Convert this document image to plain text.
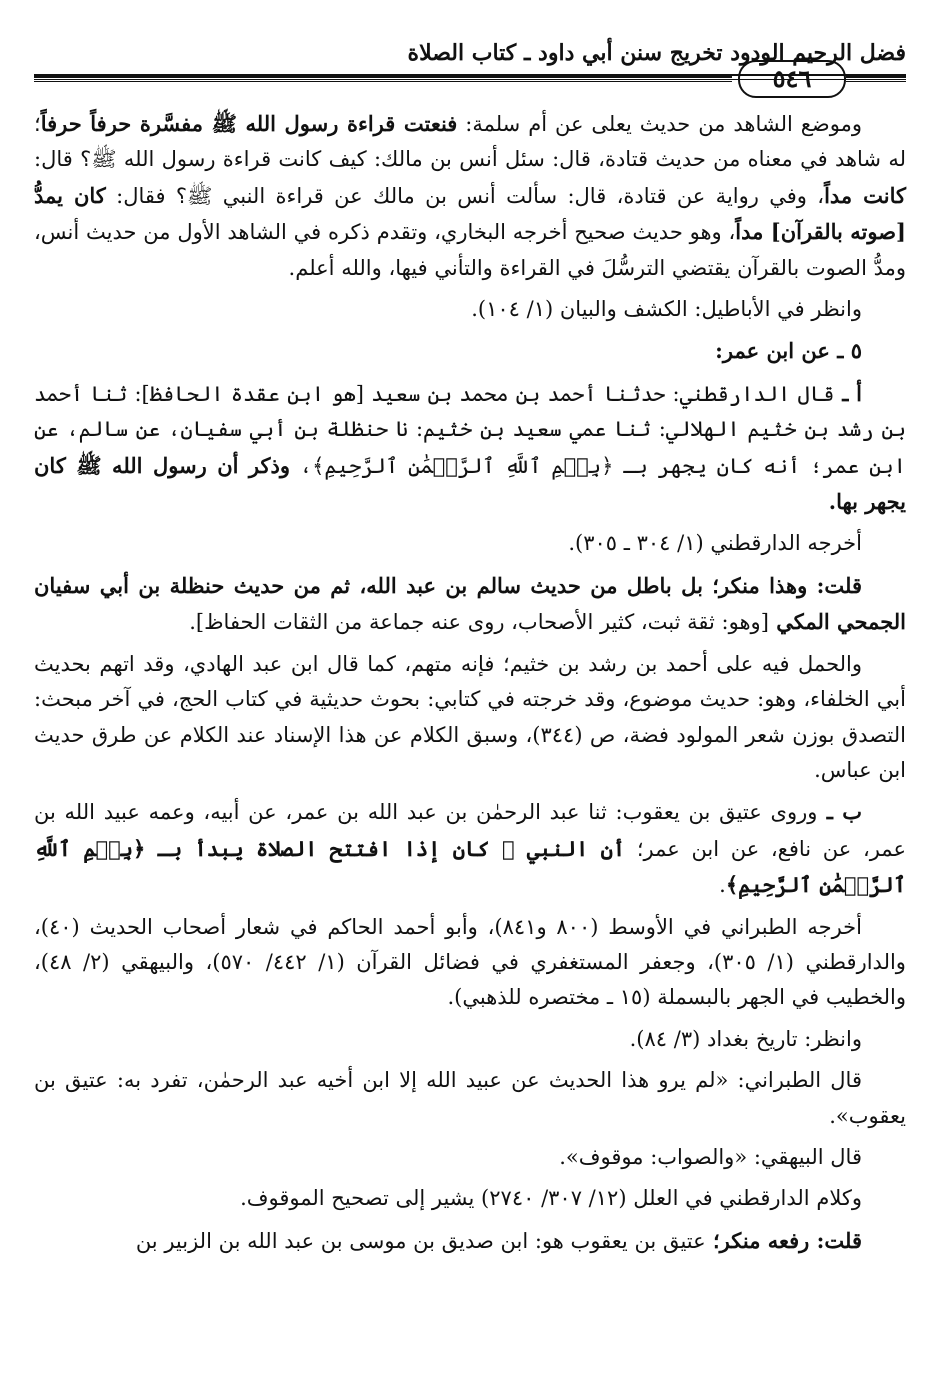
فضل الرحيم الودود تخريج سنن أبي داود ـ كتاب الصلاة
٥٤٦

وموضع الشاهد من حديث يعلى عن أم سلمة: فنعتت قراءة رسول الله ﷺ مفسَّرة حرفاً حرفاً؛ له شاهد في معناه من حديث قتادة، قال: سئل أنس بن مالك: كيف كانت قراءة رسول الله ﷺ؟ قال: كانت مداً، وفي رواية عن قتادة، قال: سألت أنس بن مالك عن قراءة النبي ﷺ؟ فقال: كان يمدُّ [صوته بالقرآن] مداً، وهو حديث صحيح أخرجه البخاري، وتقدم ذكره في الشاهد الأول من حديث أنس، ومدُّ الصوت بالقرآن يقتضي الترسُّلَ في القراءة والتأني فيها، والله أعلم.

وانظر في الأباطيل: الكشف والبيان (١/ ١٠٤).

٥ ـ عن ابن عمر:

أ ـ قال الدارقطني: حدثنا أحمد بن محمد بن سعيد [هو ابن عقدة الحافظ]: ثنا أحمد بن رشد بن خثيم الهلالي: ثنا عمي سعيد بن خثيم: نا حنظلة بن أبي سفيان، عن سالم، عن ابن عمر؛ أنه كان يجهر بـ ﴿بِسۡمِ ٱللَّهِ ٱلرَّحۡمَٰنِ ٱلرَّحِيمِ﴾، وذكر أن رسول الله ﷺ كان يجهر بها.

أخرجه الدارقطني (١/ ٣٠٤ ـ ٣٠٥).

قلت: وهذا منكر؛ بل باطل من حديث سالم بن عبد الله، ثم من حديث حنظلة بن أبي سفيان الجمحي المكي [وهو: ثقة ثبت، كثير الأصحاب، روى عنه جماعة من الثقات الحفاظ].

والحمل فيه على أحمد بن رشد بن خثيم؛ فإنه متهم، كما قال ابن عبد الهادي، وقد اتهم بحديث أبي الخلفاء، وهو: حديث موضوع، وقد خرجته في كتابي: بحوث حديثية في كتاب الحج، في آخر مبحث: التصدق بوزن شعر المولود فضة، ص (٣٤٤)، وسبق الكلام عن هذا الإسناد عند الكلام عن طرق حديث ابن عباس.

ب ـ وروى عتيق بن يعقوب: ثنا عبد الرحمٰن بن عبد الله بن عمر، عن أبيه، وعمه عبيد الله بن عمر، عن نافع، عن ابن عمر؛ أن النبي ﷺ كان إذا افتتح الصلاة يبدأ بـ ﴿بِسۡمِ ٱللَّهِ ٱلرَّحۡمَٰنِ ٱلرَّحِيمِ﴾.

أخرجه الطبراني في الأوسط (٨٠٠ و٨٤١)، وأبو أحمد الحاكم في شعار أصحاب الحديث (٤٠)، والدارقطني (١/ ٣٠٥)، وجعفر المستغفري في فضائل القرآن (١/ ٤٤٢/ ٥٧٠)، والبيهقي (٢/ ٤٨)، والخطيب في الجهر بالبسملة (١٥ ـ مختصره للذهبي).

وانظر: تاريخ بغداد (٣/ ٨٤).

قال الطبراني: «لم يرو هذا الحديث عن عبيد الله إلا ابن أخيه عبد الرحمٰن، تفرد به: عتيق بن يعقوب».

قال البيهقي: «والصواب: موقوف».

وكلام الدارقطني في العلل (١٢/ ٣٠٧/ ٢٧٤٠) يشير إلى تصحيح الموقوف.

قلت: رفعه منكر؛ عتيق بن يعقوب هو: ابن صديق بن موسى بن عبد الله بن الزبير بن
